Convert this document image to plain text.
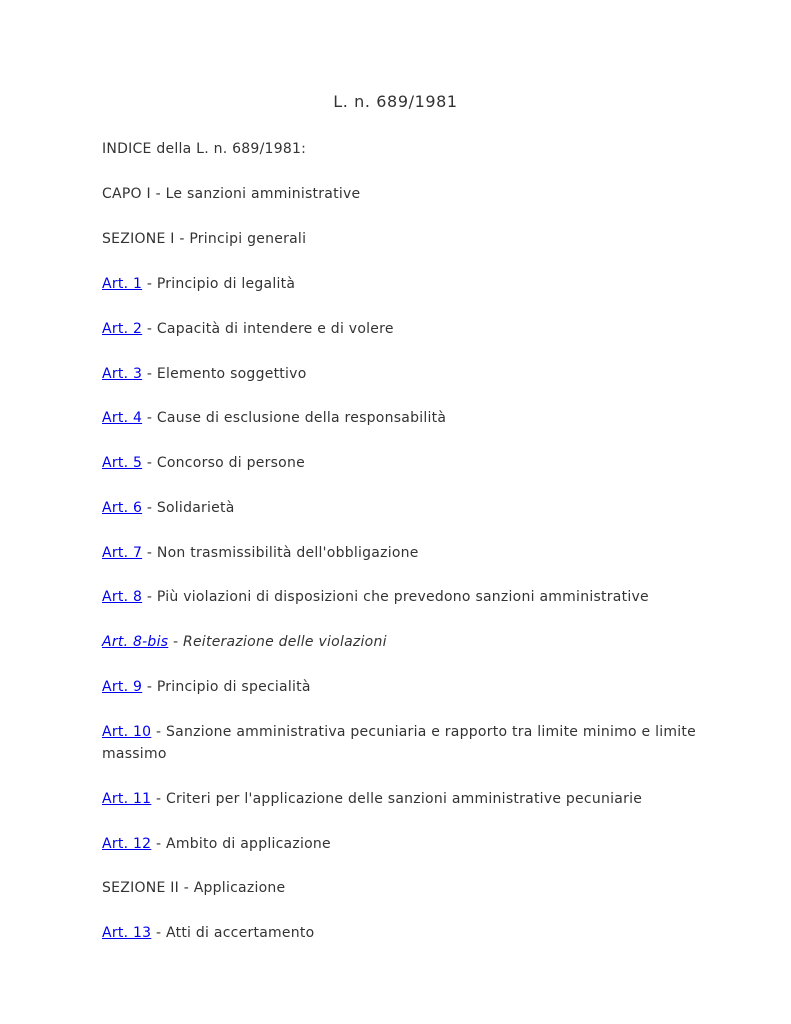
L. n. 689/1981
INDICE della L. n. 689/1981:
CAPO I - Le sanzioni amministrative
SEZIONE I - Principi generali
Art. 1 - Principio di legalità
Art. 2 - Capacità di intendere e di volere
Art. 3 - Elemento soggettivo
Art. 4 - Cause di esclusione della responsabilità
Art. 5 - Concorso di persone
Art. 6 - Solidarietà
Art. 7 - Non trasmissibilità dell'obbligazione
Art. 8 - Più violazioni di disposizioni che prevedono sanzioni amministrative
Art. 8-bis - Reiterazione delle violazioni
Art. 9 - Principio di specialità
Art. 10 - Sanzione amministrativa pecuniaria e rapporto tra limite minimo e limite massimo
Art. 11 - Criteri per l'applicazione delle sanzioni amministrative pecuniarie
Art. 12 - Ambito di applicazione
SEZIONE II - Applicazione
Art. 13 - Atti di accertamento
